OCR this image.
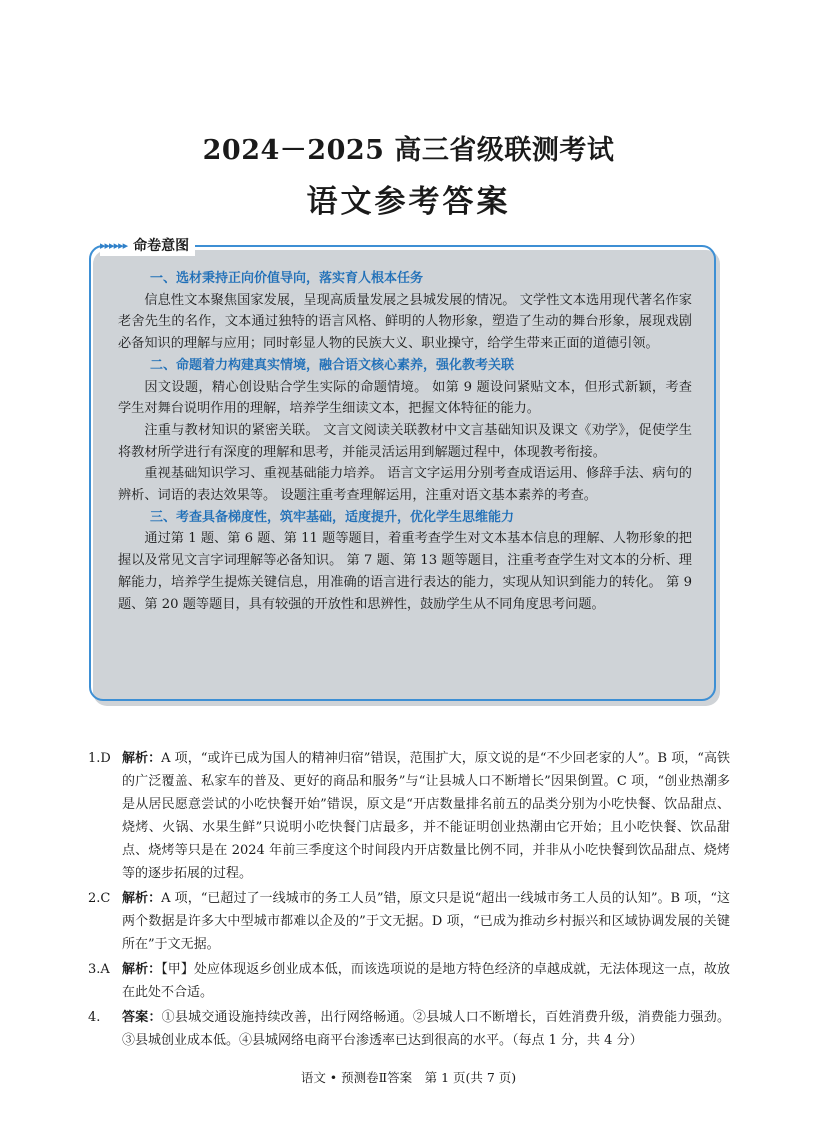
2024－2025 高三省级联测考试
语文参考答案
▸▸▸▸▸▸ 命卷意图
一、选材秉持正向价值导向，落实育人根本任务
信息性文本聚焦国家发展，呈现高质量发展之县城发展的情况。 文学性文本选用现代著名作家老舍先生的名作，文本通过独特的语言风格、鲜明的人物形象，塑造了生动的舞台形象，展现戏剧必备知识的理解与应用；同时彰显人物的民族大义、职业操守，给学生带来正面的道德引领。
二、命题着力构建真实情境，融合语文核心素养，强化教考关联
因文设题，精心创设贴合学生实际的命题情境。 如第 9 题设问紧贴文本，但形式新颖，考查学生对舞台说明作用的理解，培养学生细读文本，把握文体特征的能力。
注重与教材知识的紧密关联。 文言文阅读关联教材中文言基础知识及课文《劝学》，促使学生将教材所学进行有深度的理解和思考，并能灵活运用到解题过程中，体现教考衔接。
重视基础知识学习、重视基础能力培养。 语言文字运用分别考查成语运用、修辞手法、病句的辨析、词语的表达效果等。 设题注重考查理解运用，注重对语文基本素养的考查。
三、考查具备梯度性，筑牢基础，适度提升，优化学生思维能力
通过第 1 题、第 6 题、第 11 题等题目，着重考查学生对文本基本信息的理解、人物形象的把握以及常见文言字词理解等必备知识。 第 7 题、第 13 题等题目，注重考查学生对文本的分析、理解能力，培养学生提炼关键信息，用准确的语言进行表达的能力，实现从知识到能力的转化。 第 9 题、第 20 题等题目，具有较强的开放性和思辨性，鼓励学生从不同角度思考问题。
1.D 解析：A 项，“或许已成为国人的精神归宿”错误，范围扩大，原文说的是“不少回老家的人”。B 项，“高铁的广泛覆盖、私家车的普及、更好的商品和服务”与“让县城人口不断增长”因果倒置。C 项，“创业热潮多是从居民愿意尝试的小吃快餐开始”错误，原文是“开店数量排名前五的品类分别为小吃快餐、饮品甜点、烧烤、火锅、水果生鲜”只说明小吃快餐门店最多，并不能证明创业热潮由它开始；且小吃快餐、饮品甜点、烧烤等只是在 2024 年前三季度这个时间段内开店数量比例不同，并非从小吃快餐到饮品甜点、烧烤等的逐步拓展的过程。
2.C 解析：A 项，“已超过了一线城市的务工人员”错，原文只是说“超出一线城市务工人员的认知”。B 项，“这两个数据是许多大中型城市都难以企及的”于文无据。D 项，“已成为推动乡村振兴和区域协调发展的关键所在”于文无据。
3.A 解析：【甲】处应体现返乡创业成本低，而该选项说的是地方特色经济的卓越成就，无法体现这一点，故放在此处不合适。
4.	答案：①县城交通设施持续改善，出行网络畅通。②县城人口不断增长，百姓消费升级，消费能力强劲。③县城创业成本低。④县城网络电商平台渗透率已达到很高的水平。（每点 1 分，共 4 分）
语文 • 预测卷Ⅱ答案　第 1 页(共 7 页)
